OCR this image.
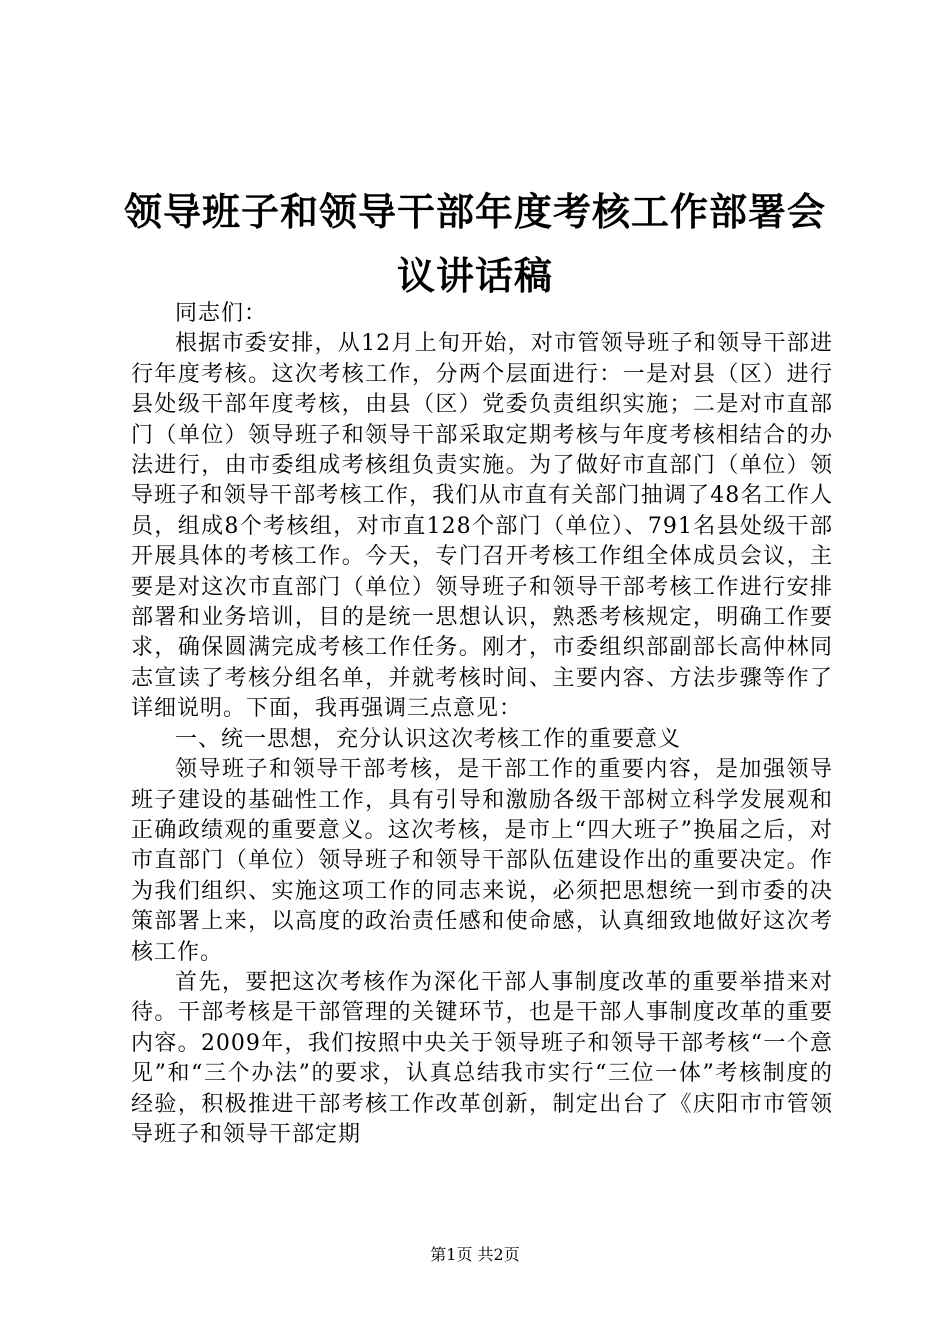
领导班子和领导干部年度考核工作部署会议讲话稿

同志们：

根据市委安排，从12月上旬开始，对市管领导班子和领导干部进行年度考核。这次考核工作，分两个层面进行：一是对县（区）进行县处级干部年度考核，由县（区）党委负责组织实施；二是对市直部门（单位）领导班子和领导干部采取定期考核与年度考核相结合的办法进行，由市委组成考核组负责实施。为了做好市直部门（单位）领导班子和领导干部考核工作，我们从市直有关部门抽调了48名工作人员，组成8个考核组，对市直128个部门（单位）、791名县处级干部开展具体的考核工作。今天，专门召开考核工作组全体成员会议，主要是对这次市直部门（单位）领导班子和领导干部考核工作进行安排部署和业务培训，目的是统一思想认识，熟悉考核规定，明确工作要求，确保圆满完成考核工作任务。刚才，市委组织部副部长高仲林同志宣读了考核分组名单，并就考核时间、主要内容、方法步骤等作了详细说明。下面，我再强调三点意见：

一、统一思想，充分认识这次考核工作的重要意义

领导班子和领导干部考核，是干部工作的重要内容，是加强领导班子建设的基础性工作，具有引导和激励各级干部树立科学发展观和正确政绩观的重要意义。这次考核，是市上“四大班子”换届之后，对市直部门（单位）领导班子和领导干部队伍建设作出的重要决定。作为我们组织、实施这项工作的同志来说，必须把思想统一到市委的决策部署上来，以高度的政治责任感和使命感，认真细致地做好这次考核工作。

首先，要把这次考核作为深化干部人事制度改革的重要举措来对待。干部考核是干部管理的关键环节，也是干部人事制度改革的重要内容。2009年，我们按照中央关于领导班子和领导干部考核“一个意见”和“三个办法”的要求，认真总结我市实行“三位一体”考核制度的经验，积极推进干部考核工作改革创新，制定出台了《庆阳市市管领导班子和领导干部定期

第1页 共2页
